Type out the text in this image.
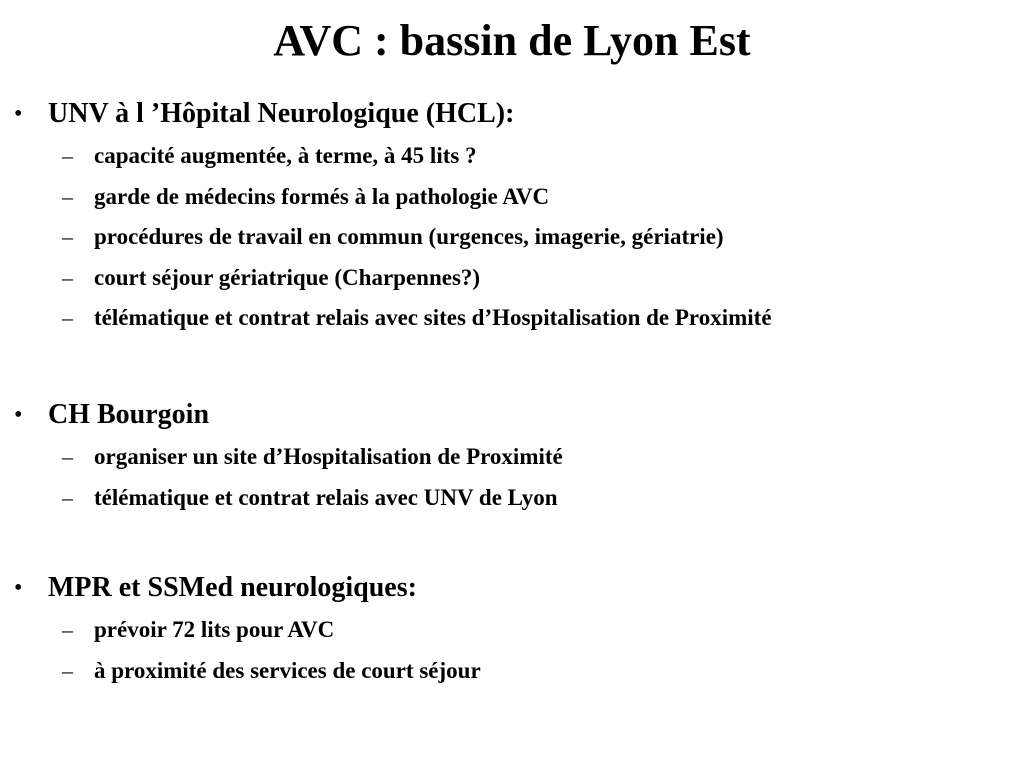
AVC : bassin de Lyon Est
• UNV à l ’Hôpital Neurologique (HCL):
– capacité augmentée, à terme, à 45 lits ?
– garde de médecins formés à la pathologie AVC
– procédures de travail en commun (urgences, imagerie, gériatrie)
– court séjour gériatrique (Charpennes?)
– télématique et contrat relais avec sites d’Hospitalisation de Proximité
• CH Bourgoin
– organiser un site d’Hospitalisation de Proximité
– télématique et contrat relais avec UNV de Lyon
• MPR et SSMed neurologiques:
– prévoir 72 lits pour AVC
– à proximité des services de court séjour
